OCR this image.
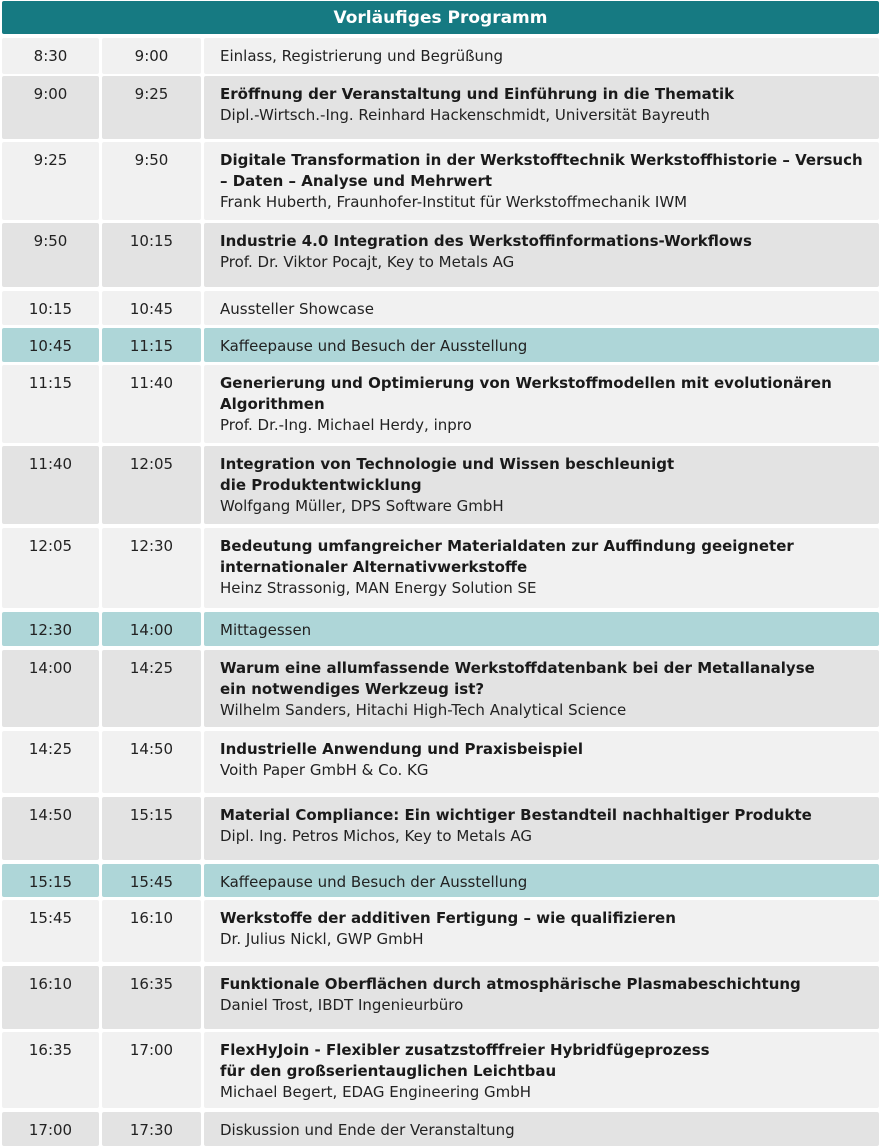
Vorläufiges Programm
8:30	9:00	Einlass, Registrierung und Begrüßung
9:00	9:25	Eröffnung der Veranstaltung und Einführung in die Thematik
Dipl.-Wirtsch.-Ing. Reinhard Hackenschmidt, Universität Bayreuth
9:25	9:50	Digitale Transformation in der Werkstofftechnik Werkstoffhistorie – Versuch
– Daten – Analyse und Mehrwert
Frank Huberth, Fraunhofer-Institut für Werkstoffmechanik IWM
9:50	10:15	Industrie 4.0 Integration des Werkstoffinformations-Workflows
Prof. Dr. Viktor Pocajt, Key to Metals AG
10:15	10:45	Aussteller Showcase
10:45	11:15	Kaffeepause und Besuch der Ausstellung
11:15	11:40	Generierung und Optimierung von Werkstoffmodellen mit evolutionären
Algorithmen
Prof. Dr.-Ing. Michael Herdy, inpro
11:40	12:05	Integration von Technologie und Wissen beschleunigt
die Produktentwicklung
Wolfgang Müller, DPS Software GmbH
12:05	12:30	Bedeutung umfangreicher Materialdaten zur Auffindung geeigneter
internationaler Alternativwerkstoffe
Heinz Strassonig, MAN Energy Solution SE
12:30	14:00	Mittagessen
14:00	14:25	Warum eine allumfassende Werkstoffdatenbank bei der Metallanalyse
ein notwendiges Werkzeug ist?
Wilhelm Sanders, Hitachi High-Tech Analytical Science
14:25	14:50	Industrielle Anwendung und Praxisbeispiel
Voith Paper GmbH & Co. KG
14:50	15:15	Material Compliance: Ein wichtiger Bestandteil nachhaltiger Produkte
Dipl. Ing. Petros Michos, Key to Metals AG
15:15	15:45	Kaffeepause und Besuch der Ausstellung
15:45	16:10	Werkstoffe der additiven Fertigung – wie qualifizieren
Dr. Julius Nickl, GWP GmbH
16:10	16:35	Funktionale Oberflächen durch atmosphärische Plasmabeschichtung
Daniel Trost, IBDT Ingenieurbüro
16:35	17:00	FlexHyJoin - Flexibler zusatzstofffreier Hybridfügeprozess
für den großserientauglichen Leichtbau
Michael Begert, EDAG Engineering GmbH
17:00	17:30	Diskussion und Ende der Veranstaltung
